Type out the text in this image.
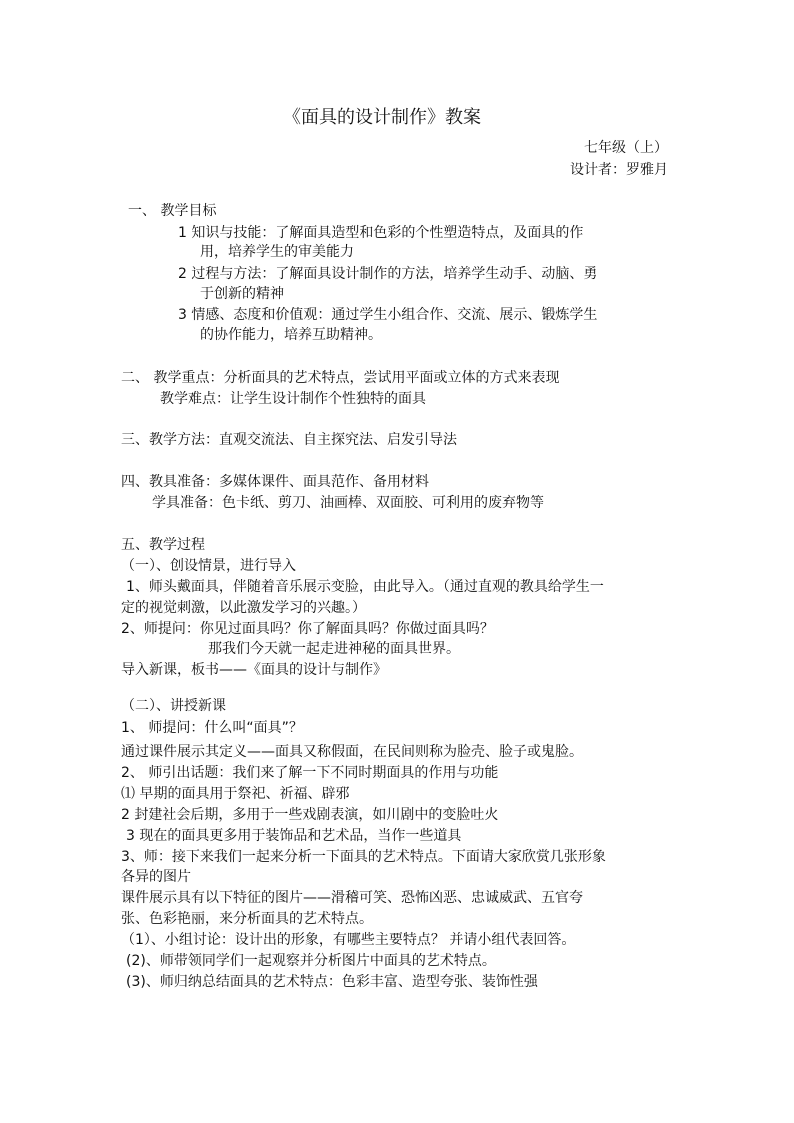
《面具的设计制作》教案
七年级（上）
设计者：罗雅月
一、 教学目标
1 知识与技能：了解面具造型和色彩的个性塑造特点，及面具的作
用，培养学生的审美能力
2 过程与方法：了解面具设计制作的方法，培养学生动手、动脑、勇
于创新的精神
3 情感、态度和价值观：通过学生小组合作、交流、展示、锻炼学生
的协作能力，培养互助精神。
二、 教学重点：分析面具的艺术特点，尝试用平面或立体的方式来表现
教学难点：让学生设计制作个性独特的面具
三、教学方法：直观交流法、自主探究法、启发引导法
四、教具准备：多媒体课件、面具范作、备用材料
学具准备：色卡纸、剪刀、油画棒、双面胶、可利用的废弃物等
五、教学过程
（一）、创设情景，进行导入
1、师头戴面具，伴随着音乐展示变脸，由此导入。（通过直观的教具给学生一
定的视觉刺激，以此激发学习的兴趣。）
2、师提问：你见过面具吗？你了解面具吗？你做过面具吗？
那我们今天就一起走进神秘的面具世界。
导入新课，板书——《面具的设计与制作》
（二）、讲授新课
1、 师提问：什么叫“面具”？
通过课件展示其定义——面具又称假面，在民间则称为脸壳、脸子或鬼脸。
2、 师引出话题：我们来了解一下不同时期面具的作用与功能
⑴ 早期的面具用于祭祀、祈福、辟邪
2 封建社会后期，多用于一些戏剧表演，如川剧中的变脸吐火
3 现在的面具更多用于装饰品和艺术品，当作一些道具
3、师：接下来我们一起来分析一下面具的艺术特点。下面请大家欣赏几张形象
各异的图片
课件展示具有以下特征的图片——滑稽可笑、恐怖凶恶、忠诚威武、五官夸
张、色彩艳丽，来分析面具的艺术特点。
（1）、小组讨论：设计出的形象，有哪些主要特点？ 并请小组代表回答。
(2)、师带领同学们一起观察并分析图片中面具的艺术特点。
(3)、师归纳总结面具的艺术特点：色彩丰富、造型夸张、装饰性强
